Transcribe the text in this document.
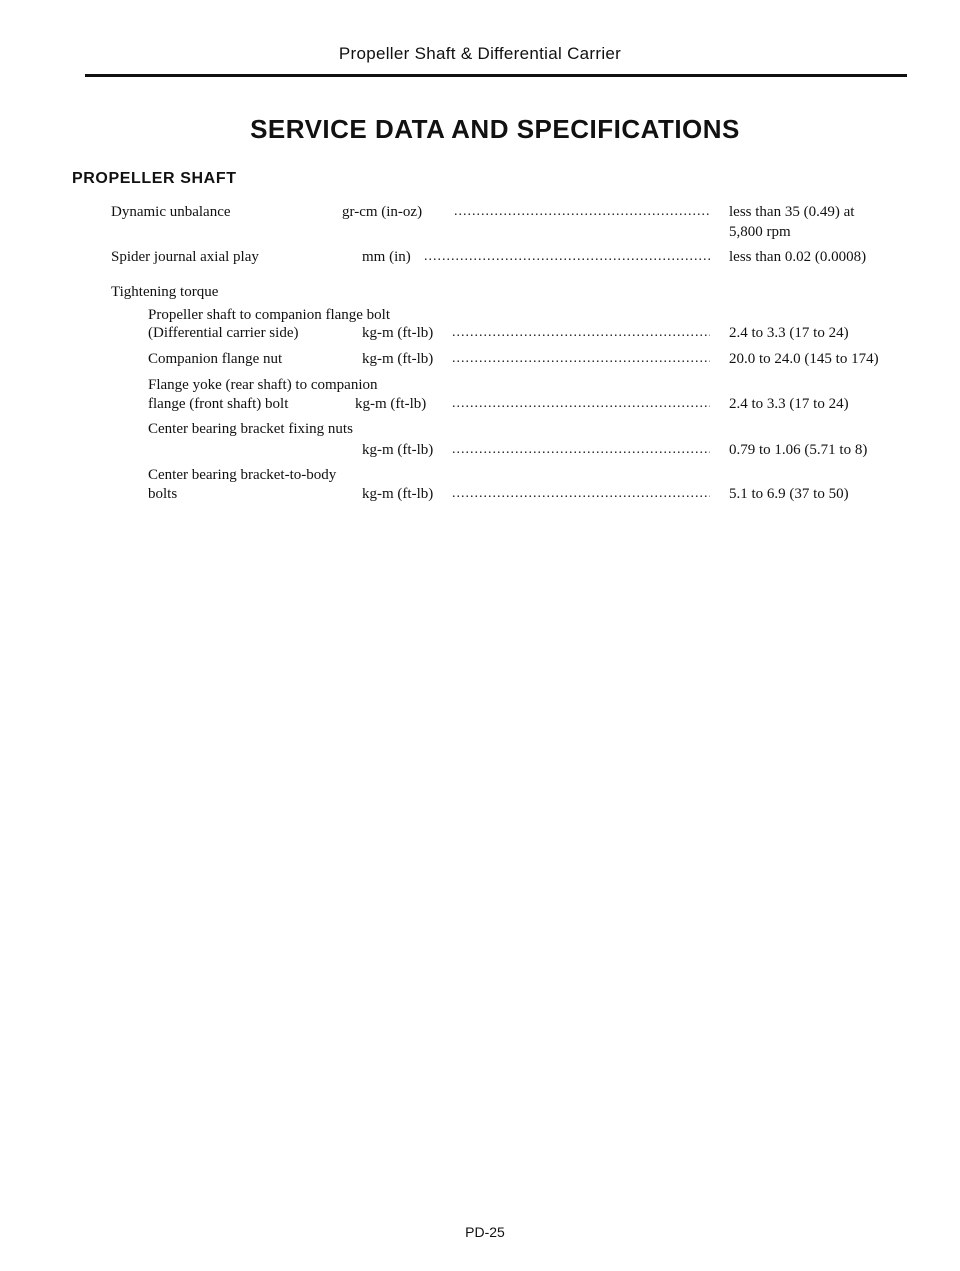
Propeller Shaft & Differential Carrier
SERVICE DATA AND SPECIFICATIONS
PROPELLER SHAFT
Dynamic unbalance	gr-cm (in-oz) .....	less than 35 (0.49) at
5,800 rpm
Spider journal axial play	mm (in) .....	less than 0.02 (0.0008)
Tightening torque
Propeller shaft to companion flange bolt
(Differential carrier side)	kg-m (ft-lb) .....	2.4 to 3.3 (17 to 24)
Companion flange nut	kg-m (ft-lb) .....	20.0 to 24.0 (145 to 174)
Flange yoke (rear shaft) to companion
flange (front shaft) bolt	kg-m (ft-lb) .....	2.4 to 3.3 (17 to 24)
Center bearing bracket fixing nuts
kg-m (ft-lb) .....	0.79 to 1.06 (5.71 to 8)
Center bearing bracket-to-body
bolts	kg-m (ft-lb) .....	5.1 to 6.9 (37 to 50)
PD-25
